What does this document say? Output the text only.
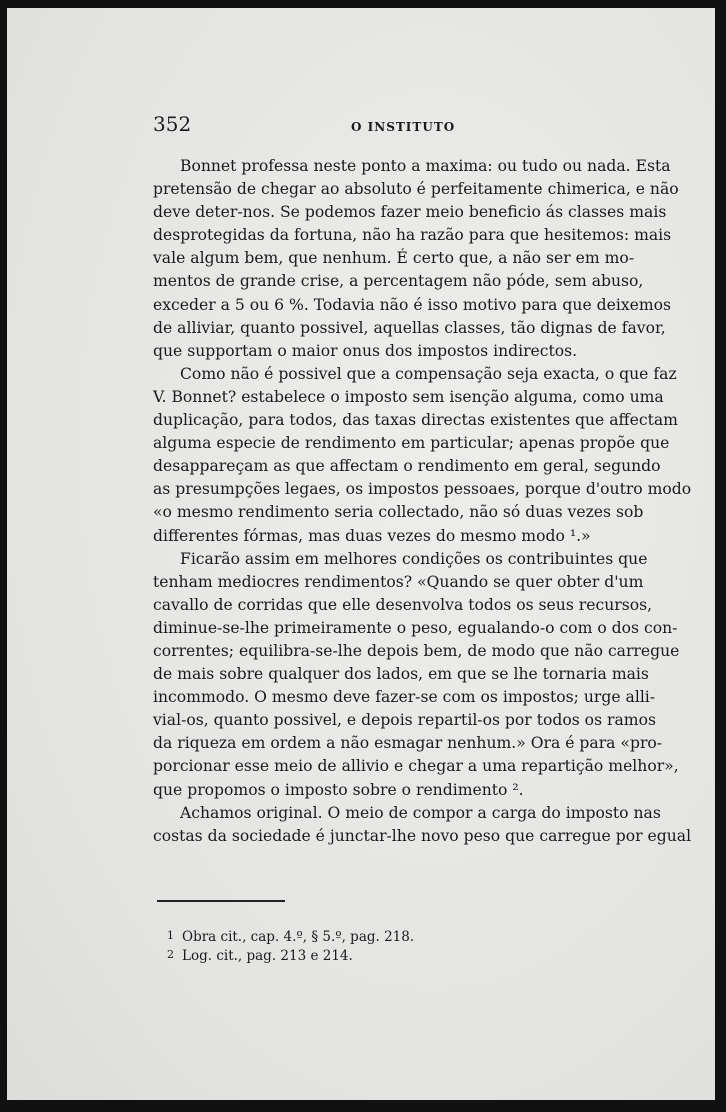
352	O INSTITUTO
Bonnet professa neste ponto a maxima: ou tudo ou nada. Esta
pretensão de chegar ao absoluto é perfeitamente chimerica, e não
deve deter-nos. Se podemos fazer meio beneficio ás classes mais
desprotegidas da fortuna, não ha razão para que hesitemos: mais
vale algum bem, que nenhum. É certo que, a não ser em mo-
mentos de grande crise, a percentagem não póde, sem abuso,
exceder a 5 ou 6 %. Todavia não é isso motivo para que deixemos
de alliviar, quanto possivel, aquellas classes, tão dignas de favor,
que supportam o maior onus dos impostos indirectos.
Como não é possivel que a compensação seja exacta, o que faz
V. Bonnet? estabelece o imposto sem isenção alguma, como uma
duplicação, para todos, das taxas directas existentes que affectam
alguma especie de rendimento em particular; apenas propõe que
desappareçam as que affectam o rendimento em geral, segundo
as presumpções legaes, os impostos pessoaes, porque d'outro modo
«o mesmo rendimento seria collectado, não só duas vezes sob
differentes fórmas, mas duas vezes do mesmo modo ¹.»
Ficarão assim em melhores condições os contribuintes que
tenham mediocres rendimentos? «Quando se quer obter d'um
cavallo de corridas que elle desenvolva todos os seus recursos,
diminue-se-lhe primeiramente o peso, egualando-o com o dos con-
correntes; equilibra-se-lhe depois bem, de modo que não carregue
de mais sobre qualquer dos lados, em que se lhe tornaria mais
incommodo. O mesmo deve fazer-se com os impostos; urge alli-
vial-os, quanto possivel, e depois repartil-os por todos os ramos
da riqueza em ordem a não esmagar nenhum.» Ora é para «pro-
porcionar esse meio de allivio e chegar a uma repartição melhor»,
que propomos o imposto sobre o rendimento ².
Achamos original. O meio de compor a carga do imposto nas
costas da sociedade é junctar-lhe novo peso que carregue por egual
1 Obra cit., cap. 4.º, § 5.º, pag. 218.
2 Log. cit., pag. 213 e 214.
